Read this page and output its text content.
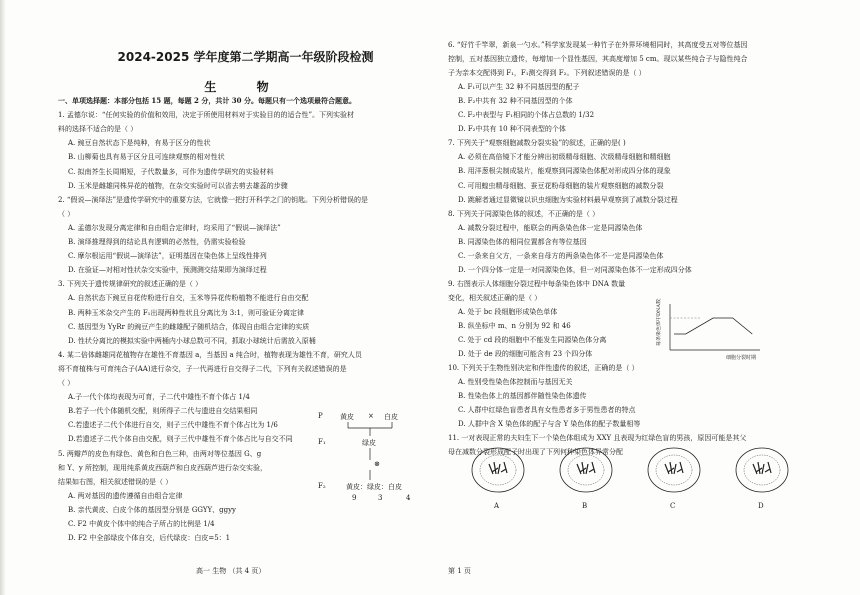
2024-2025 学年度第二学期高一年级阶段检测
生 物
一、单项选择题：本部分包括 15 题，每题 2 分，共计 30 分。每题只有一个选项最符合题意。
1. 孟德尔说：“任何实验的价值和效用，决定于所使用材料对于实验目的的适合性”。下列实验材
料的选择不适合的是（ ）
A. 豌豆自然状态下是纯种，有易于区分的性状
B. 山柳菊也具有易于区分且可连续观察的相对性状
C. 拟南芥生长周期短，子代数量多，可作为遗传学研究的实验材料
D. 玉米是雌雄同株异花的植物，在杂交实验时可以省去剪去雄蕊的步骤
2. “假说—演绎法”是遗传学研究中的重要方法，它就像一把打开科学之门的钥匙。下列分析错误的是
（ ）
A. 孟德尔发现分离定律和自由组合定律时，均采用了“假说—演绎法”
B. 演绎推理得到的结论具有逻辑的必然性，仍需实验检验
C. 摩尔根运用“假说—演绎法”，证明基因在染色体上呈线性排列
D. 在验证—对相对性状杂交实验中，预测测交结果即为演绎过程
3. 下列关于遗传规律研究的叙述正确的是（ ）
A. 自然状态下豌豆自花传粉进行自交，玉米等异花传粉植物不能进行自由交配
B. 两种玉米杂交产生的 F₁出现两种性状且分离比为 3:1，则可验证分离定律
C. 基因型为 YyRr 的豌豆产生的雌雄配子随机结合，体现自由组合定律的实质
D. 性状分离比的模拟实验中两桶内小球总数可不同，抓取小球统计后需放入原桶
4. 某二倍体雌雄同花植物存在雄性不育基因 a，当基因 a 纯合时，植物表现为雄性不育，研究人员
将不育植株与可育纯合子(AA)进行杂交，子一代再进行自交得子二代，下列有关叙述错误的是
（ ）
A.子一代个体均表现为可育，子二代中雄性不育个体占 1/4
B.若子一代个体随机交配，则所得子二代与遗进自交结果相同
C.若遗述子二代个体进行自交，则子三代中雄性不育个体占比为 1/6
D.若遗述子二代个体自由交配，则子三代中雄性不育个体占比与自交不同
5. 两瓣芦的皮色有绿色、黄色和白色三种，由两对等位基因 G、g
和 Y、y 所控制，现用纯系黄皮西葫芦和白皮西葫芦进行杂交实验，
结果如右图，相关叙述错误的是（ ）
A. 两对基因的遗传遵循自由组合定律
B. 亲代黄皮、白皮个体的基因型分别是 GGYY、ggyy
C. F2 中黄皮个体中的纯合子所占的比例是 1/4
D. F2 中全部绿皮个体自交，后代绿皮：白皮=5：1
6. “好竹千竿翠，新泉一勺水。”科学家发现某一种竹子在外界环境相同时，其高度受五对等位基因
控制，五对基因独立遗传，每增加一个显性基因，其高度增加 5 cm。现以某些纯合子与隐性纯合
子为亲本交配得到 F₁，F₁测交得到 F₂。下列叙述错误的是（ ）
A. F₁可以产生 32 种不同基因型的配子
B. F₂中共有 32 种不同基因型的个体
C. F₂中表型与 F₁相同的个体占总数的 1/32
D. F₂中共有 10 种不同表型的个体
7. 下列关于“观察细胞减数分裂实验”的叙述，正确的是( )
A. 必须在高倍镜下才能分辨出初级精母细胞、次级精母细胞和精细胞
B. 用洋葱根尖制成装片，能观察到同源染色体配对形成四分体的现象
C. 可用蝗虫精母细胞、蚕豆花粉母细胞的装片观察细胞的减数分裂
D. 跳解者通过显微镜以识虫细胞为实验材料最早观察到了减数分裂过程
8. 下列关于同源染色体的叙述，不正确的是（ ）
A. 减数分裂过程中，能联会的两条染色体一定是同源染色体
B. 同源染色体的相同位置都含有等位基因
C. 一条来自父方，一条来自母方的两条染色体不一定是同源染色体
D. 一个四分体一定是一对同源染色体，但一对同源染色体不一定形成四分体
9. 右图表示人体细胞分裂过程中每条染色体中 DNA 数量
变化，相关叙述正确的是（ ）
A. 处于 bc 段细胞形成染色单体
B. 纵坐标中 m、n 分别为 92 和 46
C. 处于 cd 段的细胞中不能发生同源染色体分离
D. 处于 de 段的细胞可能含有 23 个四分体
10. 下列关于生物性别决定和伴性遗传的叙述，正确的是（ ）
A. 性别受性染色体控制而与基因无关
B. 性染色体上的基因都伴随性染色体遗传
C. 人群中红绿色盲患者具有女性患者多于男性患者的特点
D. 人群中含 X 染色体的配子与含 Y 染色体的配子数量相等
11. 一对表现正常的夫妇生下一个染色体组成为 XXY 且表现为红绿色盲的男孩，原因可能是其父
母在减数分裂形成配子时出现了下列何种染色体异常分配
P 黄皮 × 白皮
F₁	绿皮
⊗
F₂	黄皮：绿皮：白皮
9	3	4
每条染色体中DNA数量
细胞分裂时期
A	B	C	D
高一 生物 （共 4 页）	第 1 页
